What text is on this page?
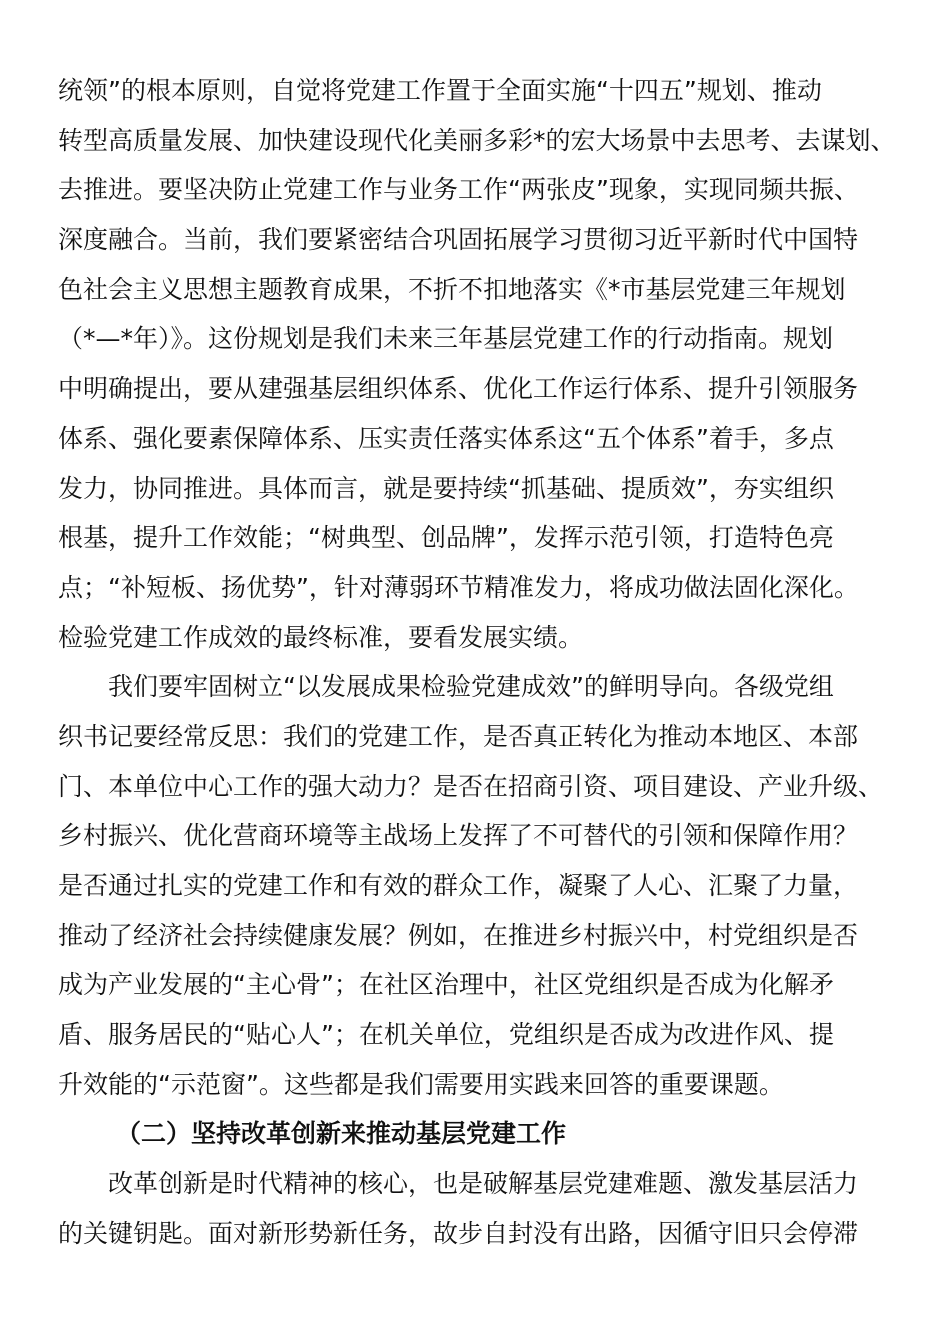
统领”的根本原则，自觉将党建工作置于全面实施“十四五”规划、推动
转型高质量发展、加快建设现代化美丽多彩*的宏大场景中去思考、去谋划、
去推进。要坚决防止党建工作与业务工作“两张皮”现象，实现同频共振、
深度融合。当前，我们要紧密结合巩固拓展学习贯彻习近平新时代中国特
色社会主义思想主题教育成果，不折不扣地落实《*市基层党建三年规划
（*—*年）》。这份规划是我们未来三年基层党建工作的行动指南。规划
中明确提出，要从建强基层组织体系、优化工作运行体系、提升引领服务
体系、强化要素保障体系、压实责任落实体系这“五个体系”着手，多点
发力，协同推进。具体而言，就是要持续“抓基础、提质效”，夯实组织
根基，提升工作效能；“树典型、创品牌”，发挥示范引领，打造特色亮
点；“补短板、扬优势”，针对薄弱环节精准发力，将成功做法固化深化。
检验党建工作成效的最终标准，要看发展实绩。
我们要牢固树立“以发展成果检验党建成效”的鲜明导向。各级党组
织书记要经常反思：我们的党建工作，是否真正转化为推动本地区、本部
门、本单位中心工作的强大动力？是否在招商引资、项目建设、产业升级、
乡村振兴、优化营商环境等主战场上发挥了不可替代的引领和保障作用？
是否通过扎实的党建工作和有效的群众工作，凝聚了人心、汇聚了力量，
推动了经济社会持续健康发展？例如，在推进乡村振兴中，村党组织是否
成为产业发展的“主心骨”；在社区治理中，社区党组织是否成为化解矛
盾、服务居民的“贴心人”；在机关单位，党组织是否成为改进作风、提
升效能的“示范窗”。这些都是我们需要用实践来回答的重要课题。
（二）坚持改革创新来推动基层党建工作
改革创新是时代精神的核心，也是破解基层党建难题、激发基层活力
的关键钥匙。面对新形势新任务，故步自封没有出路，因循守旧只会停滞
